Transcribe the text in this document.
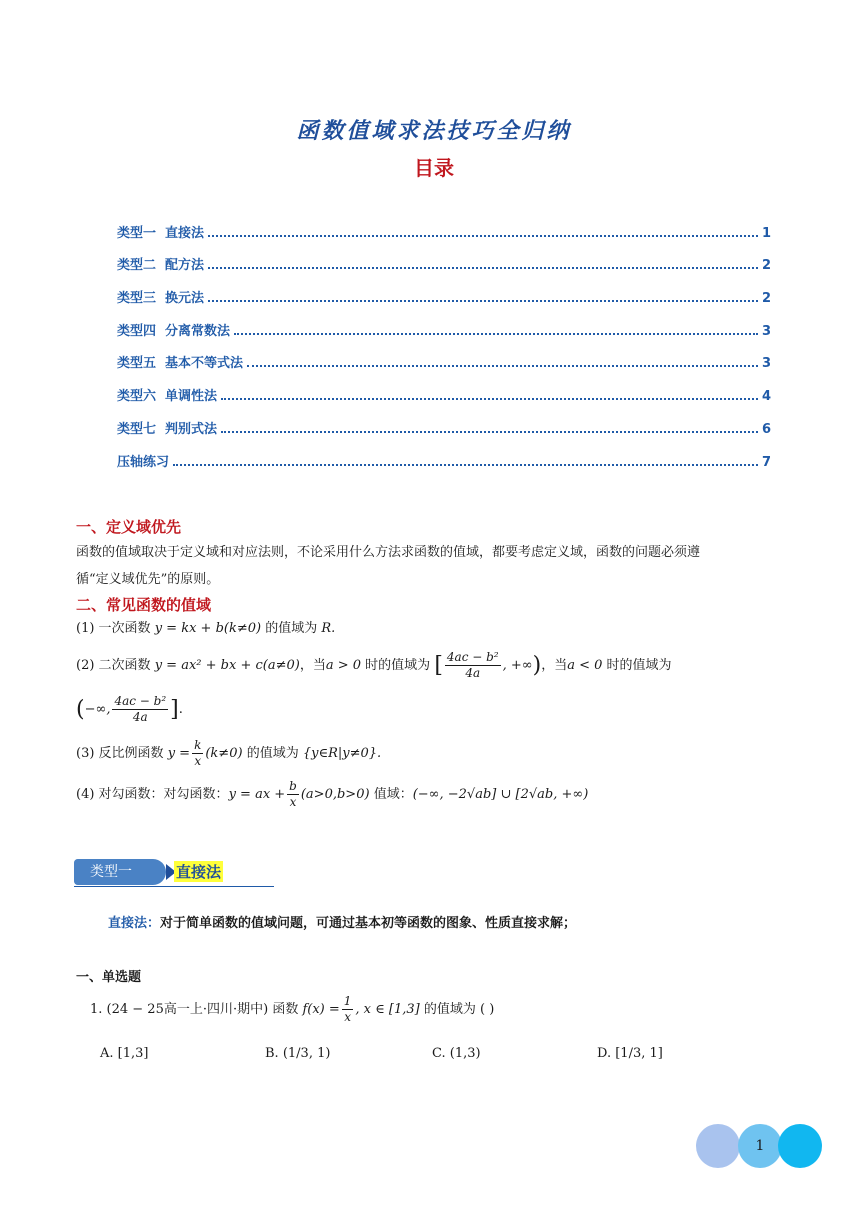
函数值域求法技巧全归纳
目录
类型一  直接法	1
类型二  配方法	2
类型三  换元法	2
类型四  分离常数法	3
类型五  基本不等式法	3
类型六  单调性法	4
类型七  判别式法	6
压轴练习	7
一、定义域优先
函数的值域取决于定义域和对应法则，不论采用什么方法求函数的值域，都要考虑定义域，函数的问题必须遵
循“定义域优先”的原则。
二、常见函数的值域
(1) 一次函数 y = kx + b(k≠0) 的值域为 R.
(2) 二次函数 y = ax² + bx + c(a≠0)，当a > 0 时的值域为 [ $\frac{\text{4ac − b²}}{4a}$ , +∞)，当a < 0 时的值域为
(−∞, $\frac{\text{4ac − b²}}{4a}$ ].
(3) 反比例函数 $y = \frac{k}{x} (k\ne 0)$ 的值域为 {y∈R|y≠0}.
(4) 对勾函数：对勾函数：y = ax + $\frac{b}{x} (a>0,b>0)$ 值域：(−∞, −2√ab] ∪ [2√ab, +∞)
类型一	直接法
直接法：对于简单函数的值域问题，可通过基本初等函数的图象、性质直接求解；
一、单选题
1. (24 − 25高一上·四川·期中) 函数 $f(x) = \frac{1}{x}$ , x ∈ [1,3] 的值域为 ( )
A. [1,3]	B. (1/3, 1)	C. (1,3)	D. [1/3, 1]
1
